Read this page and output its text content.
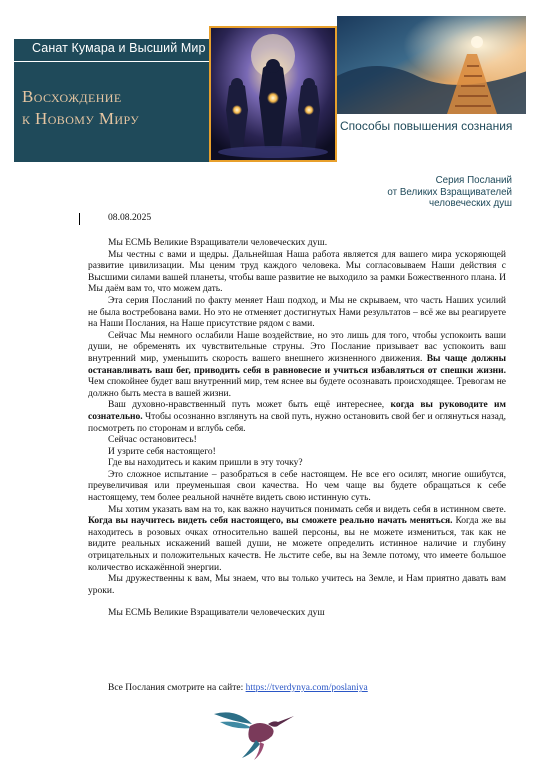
Санат Кумара и Высший Мир
Восхождение
к Новому Миру	Способы повышения сознания
Серия Посланий
от Великих Взращивателей
человеческих душ
08.08.2025

Мы ЕСМЬ Великие Взращиватели человеческих душ.

Мы честны с вами и щедры. Дальнейшая Наша работа является для вашего мира ускоряющей развитие цивилизации. Мы ценим труд каждого человека. Мы согласовываем Наши действия с Высшими силами вашей планеты, чтобы ваше развитие не выходило за рамки Божественного плана. И Мы даём вам то, что можем дать.

Эта серия Посланий по факту меняет Наш подход, и Мы не скрываем, что часть Наших усилий не была востребована вами. Но это не отменяет достигнутых Нами результатов – всё же вы реагируете на Наши Послания, на Наше присутствие рядом с вами.

Сейчас Мы немного ослабили Наше воздействие, но это лишь для того, чтобы успокоить ваши души, не обременять их чувствительные струны. Это Послание призывает вас успокоить ваш внутренний мир, уменьшить скорость вашего внешнего жизненного движения. Вы чаще должны останавливать ваш бег, приводить себя в равновесие и учиться избавляться от спешки жизни. Чем спокойнее будет ваш внутренний мир, тем яснее вы будете осознавать происходящее. Тревогам не должно быть места в вашей жизни.

Ваш духовно-нравственный путь может быть ещё интереснее, когда вы руководите им сознательно. Чтобы осознанно взглянуть на свой путь, нужно остановить свой бег и оглянуться назад, посмотреть по сторонам и вглубь себя.

Сейчас остановитесь!

И узрите себя настоящего!

Где вы находитесь и каким пришли в эту точку?

Это сложное испытание – разобраться в себе настоящем. Не все его осилят, многие ошибутся, преувеличивая или преуменьшая свои качества. Но чем чаще вы будете обращаться к себе настоящему, тем более реальной начнёте видеть свою истинную суть.

Мы хотим указать вам на то, как важно научиться понимать себя и видеть себя в истинном свете. Когда вы научитесь видеть себя настоящего, вы сможете реально начать меняться. Когда же вы находитесь в розовых очках относительно вашей персоны, вы не можете измениться, так как не видите реальных искажений вашей души, не можете определить истинное наличие и глубину отрицательных и положительных качеств. Не льстите себе, вы на Земле потому, что имеете большое количество искажённой энергии.

Мы дружественны к вам, Мы знаем, что вы только учитесь на Земле, и Нам приятно давать вам уроки.

Мы ЕСМЬ Великие Взращиватели человеческих душ

Все Послания смотрите на сайте: https://tverdynya.com/poslaniya
